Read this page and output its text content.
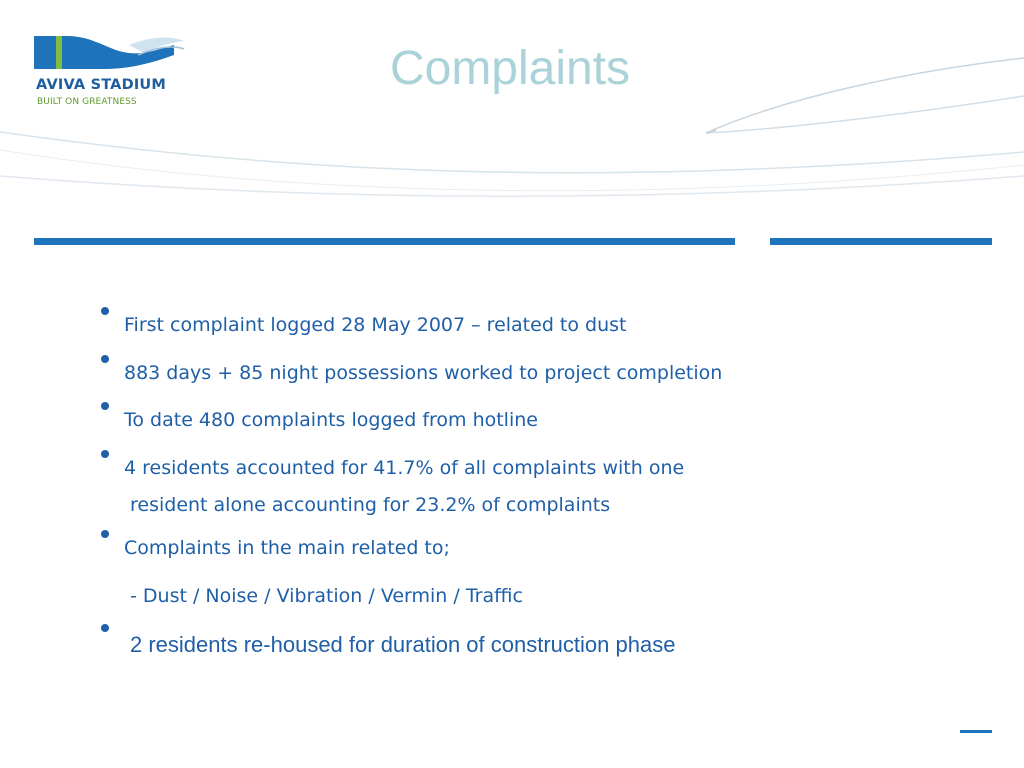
AVIVA STADIUM
BUILT ON GREATNESS
Complaints
First complaint logged 28 May 2007 – related to dust
883 days + 85 night possessions worked to project completion
To date 480 complaints logged from hotline
4 residents accounted for 41.7% of all complaints with one
resident alone accounting for 23.2% of complaints
Complaints in the main related to;
- Dust / Noise / Vibration / Vermin / Traffic
2 residents re-housed for duration of construction phase
